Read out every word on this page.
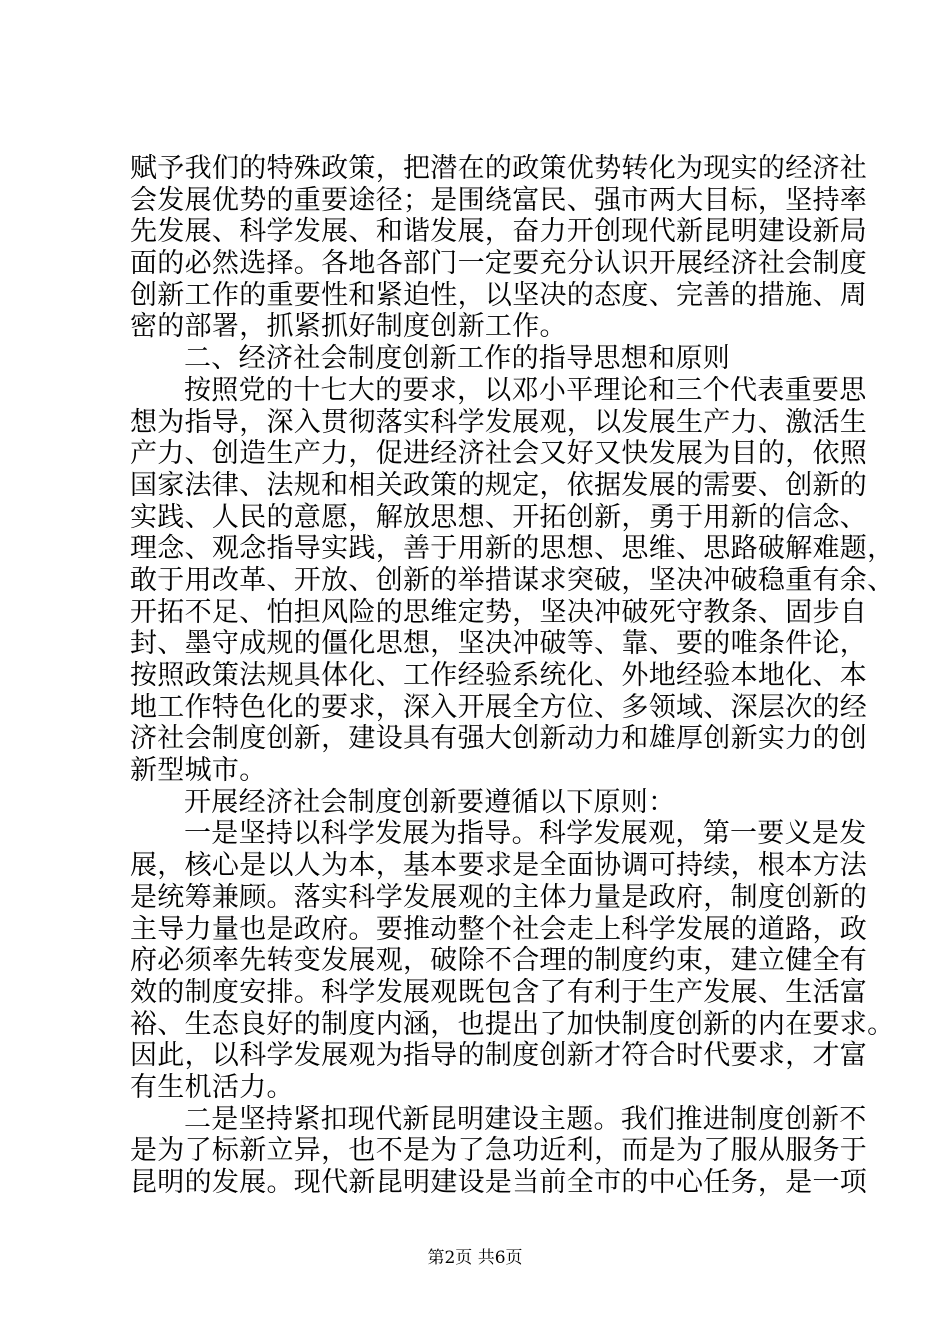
赋予我们的特殊政策，把潜在的政策优势转化为现实的经济社
会发展优势的重要途径；是围绕富民、强市两大目标，坚持率
先发展、科学发展、和谐发展，奋力开创现代新昆明建设新局
面的必然选择。各地各部门一定要充分认识开展经济社会制度
创新工作的重要性和紧迫性，以坚决的态度、完善的措施、周
密的部署，抓紧抓好制度创新工作。
二、经济社会制度创新工作的指导思想和原则
按照党的十七大的要求，以邓小平理论和三个代表重要思
想为指导，深入贯彻落实科学发展观，以发展生产力、激活生
产力、创造生产力，促进经济社会又好又快发展为目的，依照
国家法律、法规和相关政策的规定，依据发展的需要、创新的
实践、人民的意愿，解放思想、开拓创新，勇于用新的信念、
理念、观念指导实践，善于用新的思想、思维、思路破解难题，
敢于用改革、开放、创新的举措谋求突破，坚决冲破稳重有余、
开拓不足、怕担风险的思维定势，坚决冲破死守教条、固步自
封、墨守成规的僵化思想，坚决冲破等、靠、要的唯条件论，
按照政策法规具体化、工作经验系统化、外地经验本地化、本
地工作特色化的要求，深入开展全方位、多领域、深层次的经
济社会制度创新，建设具有强大创新动力和雄厚创新实力的创
新型城市。
开展经济社会制度创新要遵循以下原则：
一是坚持以科学发展为指导。科学发展观，第一要义是发
展，核心是以人为本，基本要求是全面协调可持续，根本方法
是统筹兼顾。落实科学发展观的主体力量是政府，制度创新的
主导力量也是政府。要推动整个社会走上科学发展的道路，政
府必须率先转变发展观，破除不合理的制度约束，建立健全有
效的制度安排。科学发展观既包含了有利于生产发展、生活富
裕、生态良好的制度内涵，也提出了加快制度创新的内在要求。
因此，以科学发展观为指导的制度创新才符合时代要求，才富
有生机活力。
二是坚持紧扣现代新昆明建设主题。我们推进制度创新不
是为了标新立异，也不是为了急功近利，而是为了服从服务于
昆明的发展。现代新昆明建设是当前全市的中心任务，是一项
第2页 共6页
